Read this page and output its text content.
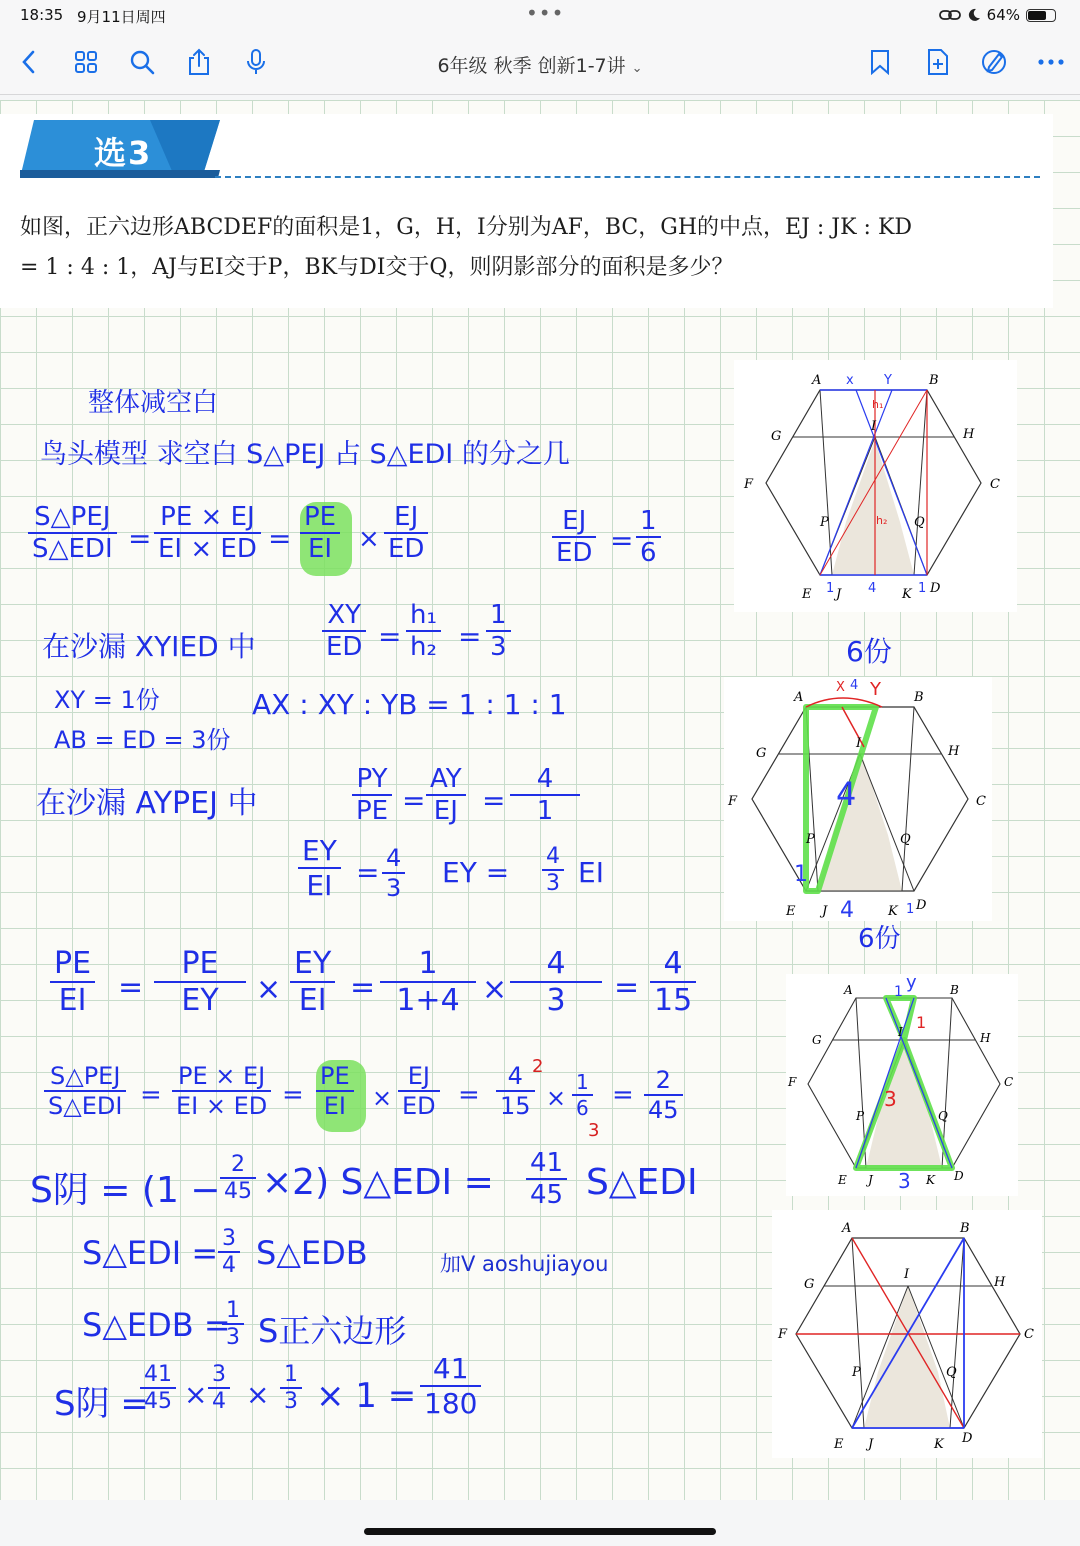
18:35 9月11日周四	•••	64%
6年级 秋季 创新1-7讲 ⌄
选3
如图，正六边形ABCDEF的面积是1，G，H，I分别为AF，BC，GH的中点，EJ : JK : KD
= 1 : 4 : 1，AJ与EI交于P，BK与DI交于Q，则阴影部分的面积是多少？
整体减空白
鸟头模型 求空白 S△PEJ 占 S△EDI 的分之几
S△PEJ
S△EDI =
PE × EJ
EI × ED =
PE
EI ×
EJ
ED
EJ
ED =
1
6
在沙漏 XYIED 中
XY
ED =
h₁
h₂ =
1
3
XY = 1份
AB = ED = 3份
AX : XY : YB = 1 : 1 : 1
在沙漏 AYPEJ 中
PY
PE =
AY
EJ =
4
1
EY
EI = 4
3 EY = 4
3 EI
PE
EI =
PE
EY	×
EY
EI =
1
1+4 ×
4
3	=
4
15
S△PEJ
S△EDI =
PE × EJ
EI × ED =
PE
EI	×
EJ
ED =
4
15
2
×
1
6
3
= 2
45
S阴 = (1 −
2
45 ×2) S△EDI = 41
45 S△EDI
S△EDI = 3
4 S△EDB
S△EDB =
1
3 S正六边形
S阴 =
41
45 ×
3
4 ×
1
3 × 1 =
41
180
加V aoshujiayou
A	B
C
D
E
F
G	H
I
J	K
P	Q
x Y
1	4	1
h₁
h₂
6份
A	B
C
D
E
F
G	H
I
J	K
P	Q
X 4 Y
4
1
4	1
6份
A	B
C
D
E
F
G	H
I
J	K
P	Q
1 y
1
3
3
A	B
C
D
E
F
G	H
I
J	K
P	Q
